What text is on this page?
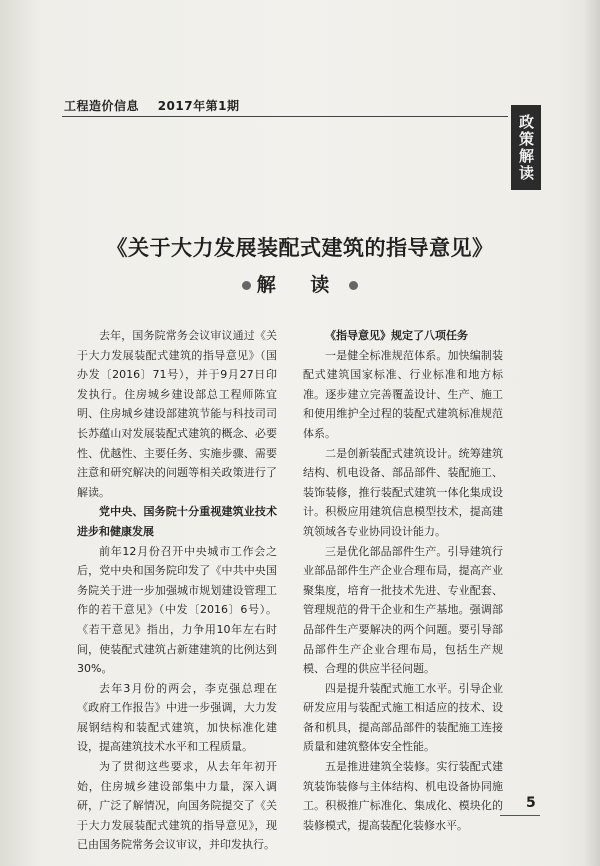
工程造价信息 2017年第1期
政策解读
《关于大力发展装配式建筑的指导意见》
解 读

去年，国务院常务会议审议通过《关于大力发展装配式建筑的指导意见》（国办发〔2016〕71号），并于9月27日印发执行。住房城乡建设部总工程师陈宜明、住房城乡建设部建筑节能与科技司司长苏蕴山对发展装配式建筑的概念、必要性、优越性、主要任务、实施步骤、需要注意和研究解决的问题等相关政策进行了解读。

党中央、国务院十分重视建筑业技术进步和健康发展

前年12月份召开中央城市工作会之后，党中央和国务院印发了《中共中央国务院关于进一步加强城市规划建设管理工作的若干意见》（中发〔2016〕6号）。《若干意见》指出，力争用10年左右时间，使装配式建筑占新建建筑的比例达到30%。

去年3月份的两会，李克强总理在《政府工作报告》中进一步强调，大力发展钢结构和装配式建筑，加快标准化建设，提高建筑技术水平和工程质量。

为了贯彻这些要求，从去年年初开始，住房城乡建设部集中力量，深入调研，广泛了解情况，向国务院提交了《关于大力发展装配式建筑的指导意见》，现已由国务院常务会议审议，并印发执行。

《指导意见》规定了八项任务

一是健全标准规范体系。加快编制装配式建筑国家标准、行业标准和地方标准。逐步建立完善覆盖设计、生产、施工和使用维护全过程的装配式建筑标准规范体系。

二是创新装配式建筑设计。统筹建筑结构、机电设备、部品部件、装配施工、装饰装修，推行装配式建筑一体化集成设计。积极应用建筑信息模型技术，提高建筑领域各专业协同设计能力。

三是优化部品部件生产。引导建筑行业部品部件生产企业合理布局，提高产业聚集度，培育一批技术先进、专业配套、管理规范的骨干企业和生产基地。强调部品部件生产要解决的两个问题。要引导部品部件生产企业合理布局，包括生产规模、合理的供应半径问题。

四是提升装配式施工水平。引导企业研发应用与装配式施工相适应的技术、设备和机具，提高部品部件的装配施工连接质量和建筑整体安全性能。

五是推进建筑全装修。实行装配式建筑装饰装修与主体结构、机电设备协同施工。积极推广标准化、集成化、模块化的装修模式，提高装配化装修水平。

5
